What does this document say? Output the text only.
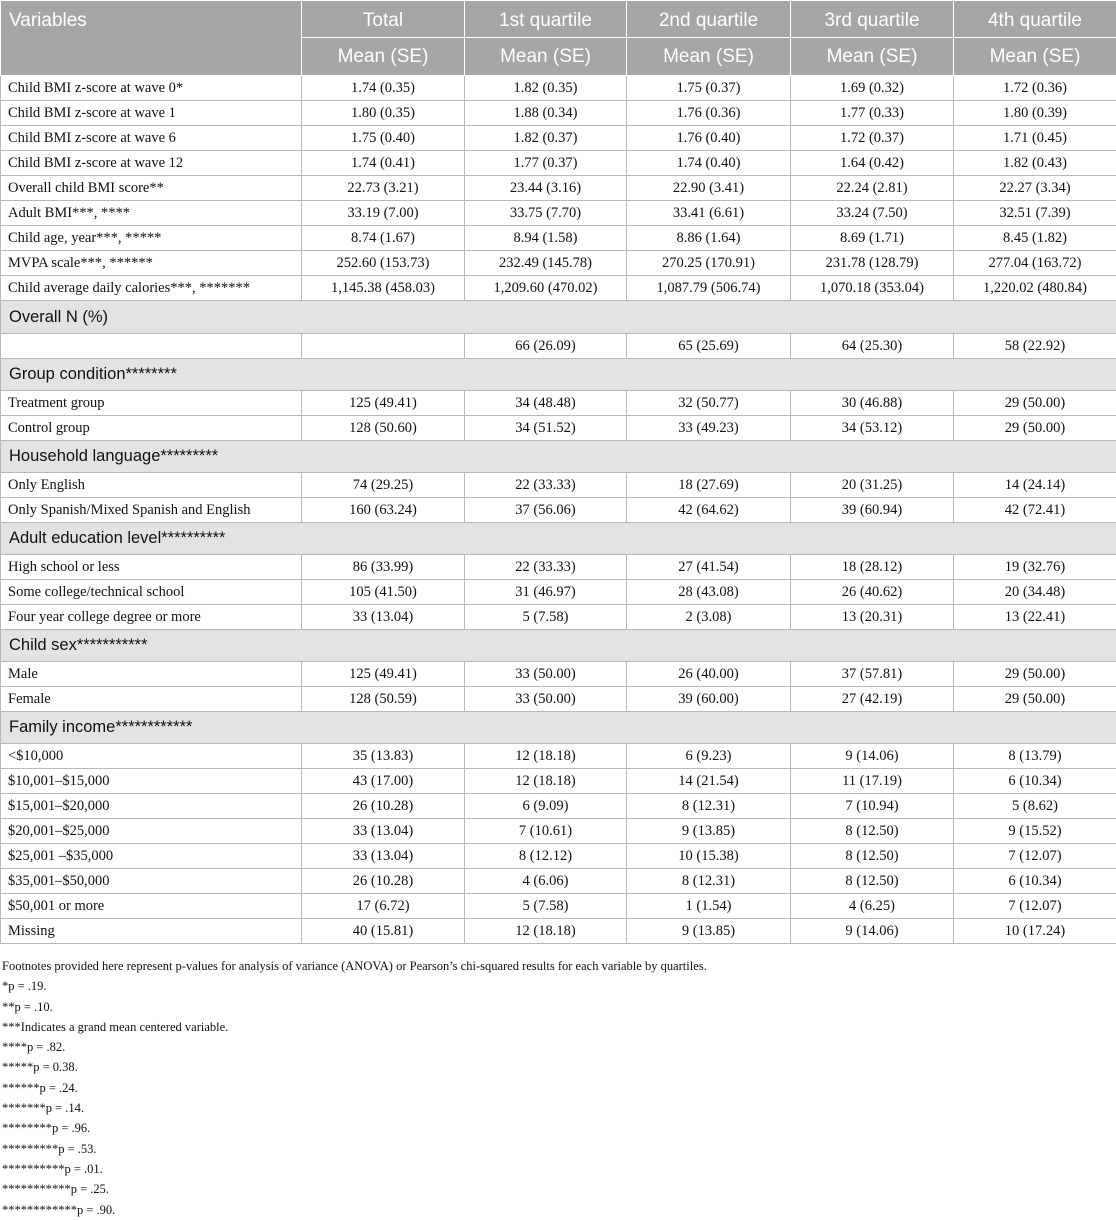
Variables	Total	1st quartile	2nd quartile	3rd quartile	4th quartile
	Mean (SE)	Mean (SE)	Mean (SE)	Mean (SE)	Mean (SE)
Child BMI z-score at wave 0*	1.74 (0.35)	1.82 (0.35)	1.75 (0.37)	1.69 (0.32)	1.72 (0.36)
Child BMI z-score at wave 1	1.80 (0.35)	1.88 (0.34)	1.76 (0.36)	1.77 (0.33)	1.80 (0.39)
Child BMI z-score at wave 6	1.75 (0.40)	1.82 (0.37)	1.76 (0.40)	1.72 (0.37)	1.71 (0.45)
Child BMI z-score at wave 12	1.74 (0.41)	1.77 (0.37)	1.74 (0.40)	1.64 (0.42)	1.82 (0.43)
Overall child BMI score**	22.73 (3.21)	23.44 (3.16)	22.90 (3.41)	22.24 (2.81)	22.27 (3.34)
Adult BMI***, ****	33.19 (7.00)	33.75 (7.70)	33.41 (6.61)	33.24 (7.50)	32.51 (7.39)
Child age, year***, *****	8.74 (1.67)	8.94 (1.58)	8.86 (1.64)	8.69 (1.71)	8.45 (1.82)
MVPA scale***, ******	252.60 (153.73)	232.49 (145.78)	270.25 (170.91)	231.78 (128.79)	277.04 (163.72)
Child average daily calories***, *******	1,145.38 (458.03)	1,209.60 (470.02)	1,087.79 (506.74)	1,070.18 (353.04)	1,220.02 (480.84)
Overall N (%)					
		66 (26.09)	65 (25.69)	64 (25.30)	58 (22.92)
Group condition********					
Treatment group	125 (49.41)	34 (48.48)	32 (50.77)	30 (46.88)	29 (50.00)
Control group	128 (50.60)	34 (51.52)	33 (49.23)	34 (53.12)	29 (50.00)
Household language*********					
Only English	74 (29.25)	22 (33.33)	18 (27.69)	20 (31.25)	14 (24.14)
Only Spanish/Mixed Spanish and English	160 (63.24)	37 (56.06)	42 (64.62)	39 (60.94)	42 (72.41)
Adult education level**********					
High school or less	86 (33.99)	22 (33.33)	27 (41.54)	18 (28.12)	19 (32.76)
Some college/technical school	105 (41.50)	31 (46.97)	28 (43.08)	26 (40.62)	20 (34.48)
Four year college degree or more	33 (13.04)	5 (7.58)	2 (3.08)	13 (20.31)	13 (22.41)
Child sex***********					
Male	125 (49.41)	33 (50.00)	26 (40.00)	37 (57.81)	29 (50.00)
Female	128 (50.59)	33 (50.00)	39 (60.00)	27 (42.19)	29 (50.00)
Family income************					
<$10,000	35 (13.83)	12 (18.18)	6 (9.23)	9 (14.06)	8 (13.79)
$10,001–$15,000	43 (17.00)	12 (18.18)	14 (21.54)	11 (17.19)	6 (10.34)
$15,001–$20,000	26 (10.28)	6 (9.09)	8 (12.31)	7 (10.94)	5 (8.62)
$20,001–$25,000	33 (13.04)	7 (10.61)	9 (13.85)	8 (12.50)	9 (15.52)
$25,001 –$35,000	33 (13.04)	8 (12.12)	10 (15.38)	8 (12.50)	7 (12.07)
$35,001–$50,000	26 (10.28)	4 (6.06)	8 (12.31)	8 (12.50)	6 (10.34)
$50,001 or more	17 (6.72)	5 (7.58)	1 (1.54)	4 (6.25)	7 (12.07)
Missing	40 (15.81)	12 (18.18)	9 (13.85)	9 (14.06)	10 (17.24)
Footnotes provided here represent p-values for analysis of variance (ANOVA) or Pearson’s chi-squared results for each variable by quartiles.
*p = .19.
**p = .10.
***Indicates a grand mean centered variable.
****p = .82.
*****p = 0.38.
******p = .24.
*******p = .14.
********p = .96.
*********p = .53.
**********p = .01.
***********p = .25.
************p = .90.
